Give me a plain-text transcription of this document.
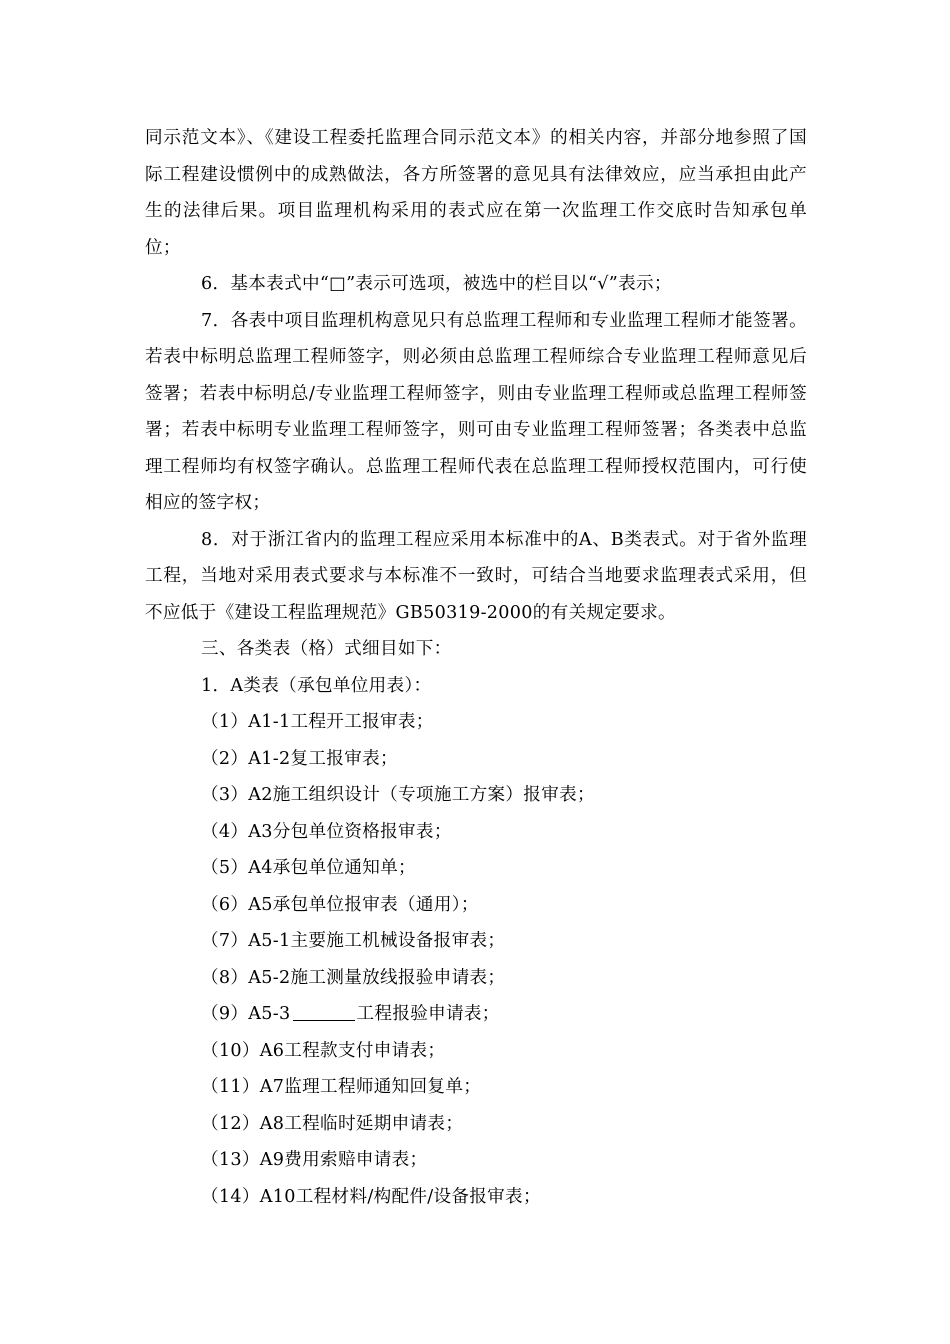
同示范文本》、《建设工程委托监理合同示范文本》的相关内容，并部分地参照了国际工程建设惯例中的成熟做法，各方所签署的意见具有法律效应，应当承担由此产生的法律后果。项目监理机构采用的表式应在第一次监理工作交底时告知承包单位；

6．基本表式中“□”表示可选项，被选中的栏目以“√”表示；

7．各表中项目监理机构意见只有总监理工程师和专业监理工程师才能签署。若表中标明总监理工程师签字，则必须由总监理工程师综合专业监理工程师意见后签署；若表中标明总/专业监理工程师签字，则由专业监理工程师或总监理工程师签署；若表中标明专业监理工程师签字，则可由专业监理工程师签署；各类表中总监理工程师均有权签字确认。总监理工程师代表在总监理工程师授权范围内，可行使相应的签字权；

8．对于浙江省内的监理工程应采用本标准中的A、B类表式。对于省外监理工程，当地对采用表式要求与本标准不一致时，可结合当地要求监理表式采用，但不应低于《建设工程监理规范》GB50319-2000的有关规定要求。

三、各类表（格）式细目如下：

1．A类表（承包单位用表）：

（1）A1-1工程开工报审表；
（2）A1-2复工报审表；
（3）A2施工组织设计（专项施工方案）报审表；
（4）A3分包单位资格报审表；
（5）A4承包单位通知单；
（6）A5承包单位报审表（通用）；
（7）A5-1主要施工机械设备报审表；
（8）A5-2施工测量放线报验申请表；
（9）A5-3	工程报验申请表；
（10）A6工程款支付申请表；
（11）A7监理工程师通知回复单；
（12）A8工程临时延期申请表；
（13）A9费用索赔申请表；
（14）A10工程材料/构配件/设备报审表；
